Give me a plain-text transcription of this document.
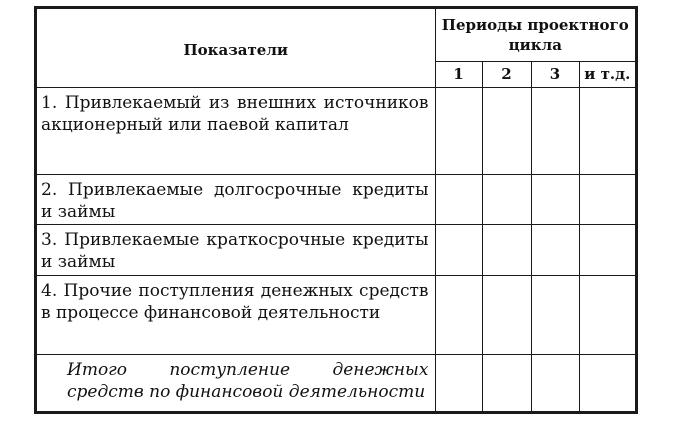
Показатели	Периоды проектного цикла			
	1	2	3	и т.д.
1. Привлекаемый из внешних источников акционерный или паевой капитал				
2. Привлекаемые долгосрочные кредиты и займы				
3. Привлекаемые краткосрочные кредиты и займы				
4. Прочие поступления денежных средств в процессе финансовой деятельности				
Итого поступление денежных средств по финансовой деятельности				
